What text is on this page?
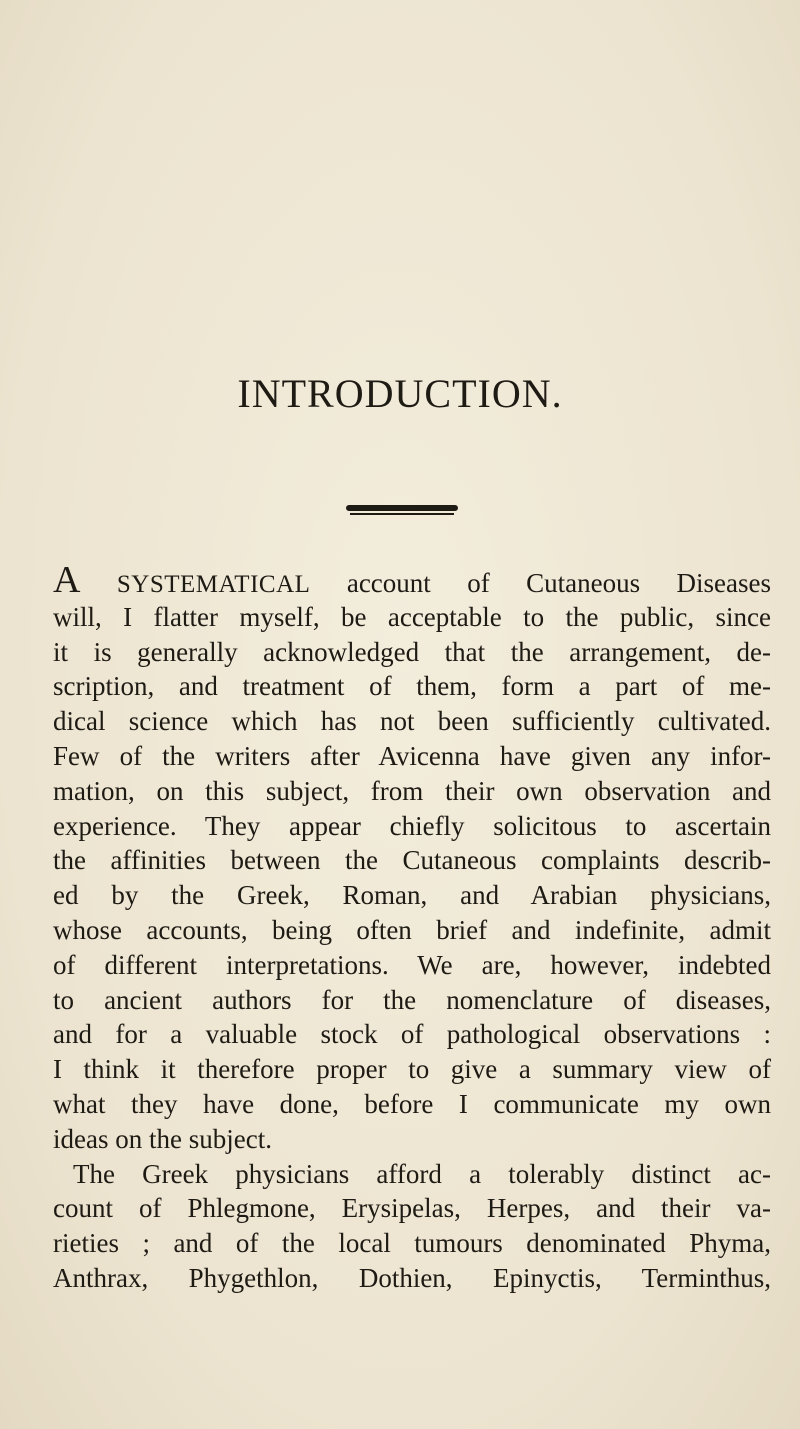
INTRODUCTION.
A SYSTEMATICAL account of Cutaneous Diseases
will, I flatter myself, be acceptable to the public, since
it is generally acknowledged that the arrangement, de-
scription, and treatment of them, form a part of me-
dical science which has not been sufficiently cultivated.
Few of the writers after Avicenna have given any infor-
mation, on this subject, from their own observation and
experience. They appear chiefly solicitous to ascertain
the affinities between the Cutaneous complaints describ-
ed by the Greek, Roman, and Arabian physicians,
whose accounts, being often brief and indefinite, admit
of different interpretations. We are, however, indebted
to ancient authors for the nomenclature of diseases,
and for a valuable stock of pathological observations :
I think it therefore proper to give a summary view of
what they have done, before I communicate my own
ideas on the subject.
The Greek physicians afford a tolerably distinct ac-
count of Phlegmone, Erysipelas, Herpes, and their va-
rieties ; and of the local tumours denominated Phyma,
Anthrax, Phygethlon, Dothien, Epinyctis, Terminthus,
